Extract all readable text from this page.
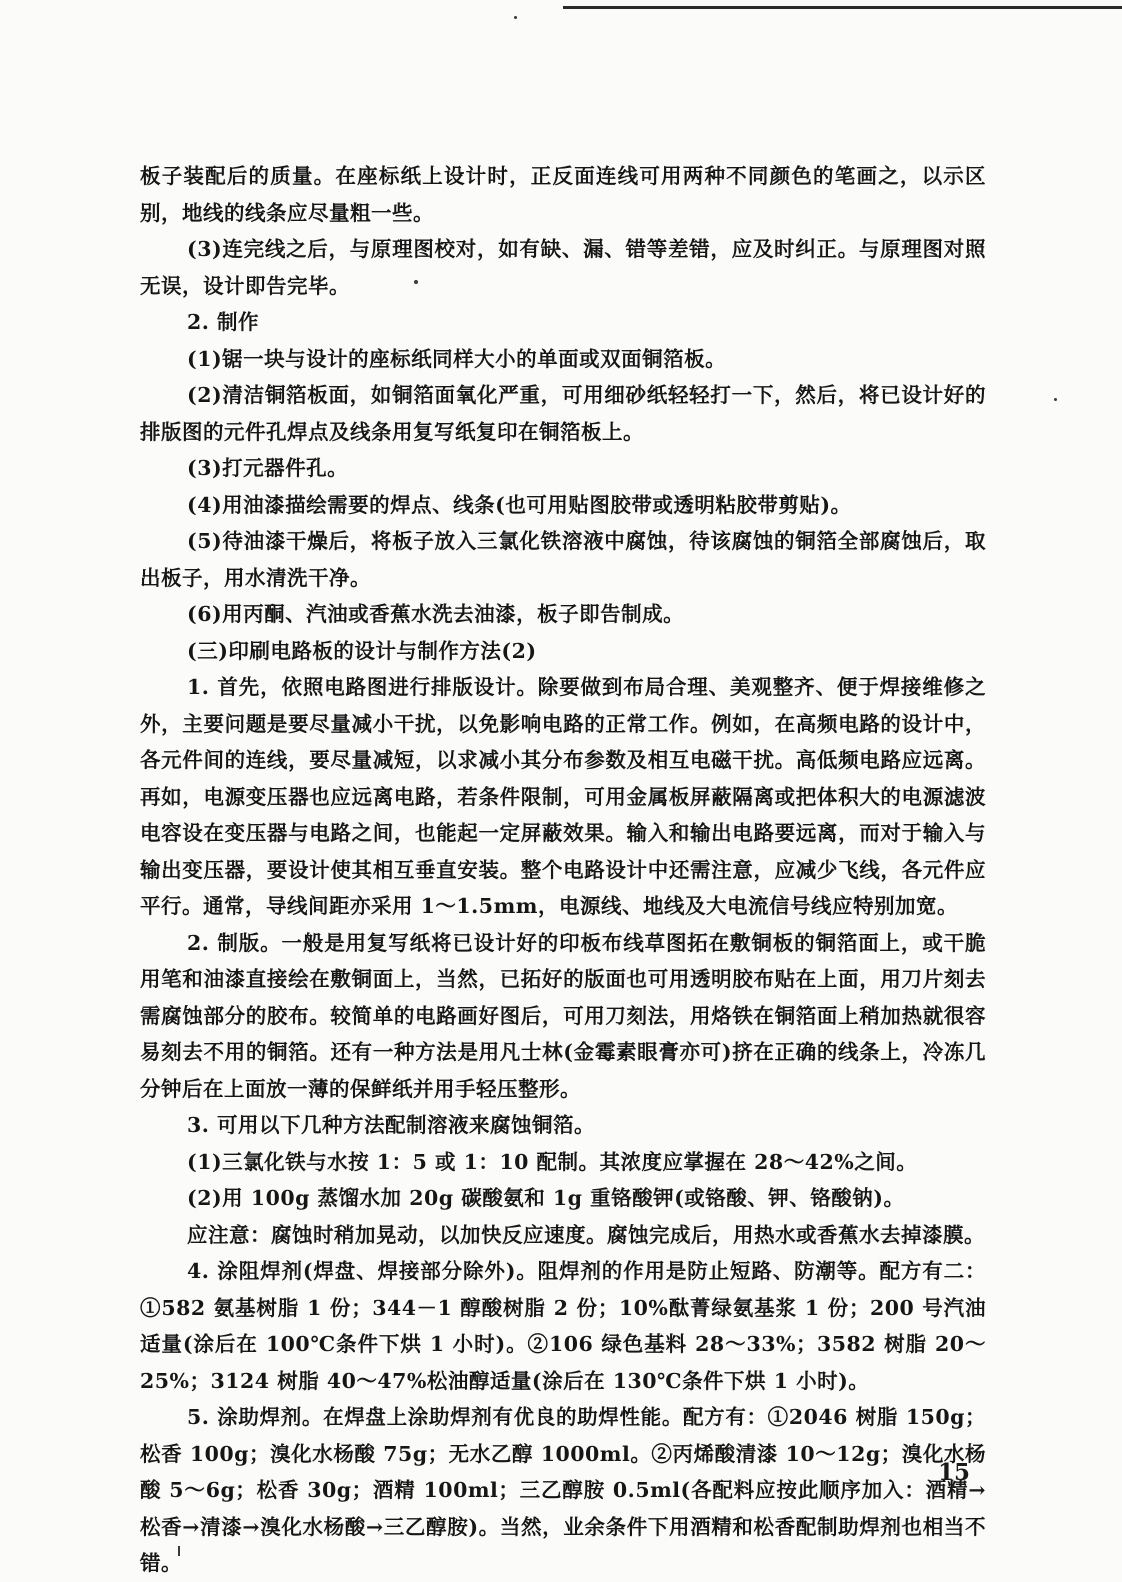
板子装配后的质量。在座标纸上设计时，正反面连线可用两种不同颜色的笔画之，以示区别，地线的线条应尽量粗一些。

(3)连完线之后，与原理图校对，如有缺、漏、错等差错，应及时纠正。与原理图对照无误，设计即告完毕。

2. 制作

(1)锯一块与设计的座标纸同样大小的单面或双面铜箔板。

(2)清洁铜箔板面，如铜箔面氧化严重，可用细砂纸轻轻打一下，然后，将已设计好的排版图的元件孔焊点及线条用复写纸复印在铜箔板上。

(3)打元器件孔。

(4)用油漆描绘需要的焊点、线条(也可用贴图胶带或透明粘胶带剪贴)。

(5)待油漆干燥后，将板子放入三氯化铁溶液中腐蚀，待该腐蚀的铜箔全部腐蚀后，取出板子，用水清洗干净。

(6)用丙酮、汽油或香蕉水洗去油漆，板子即告制成。

(三)印刷电路板的设计与制作方法(2)

1. 首先，依照电路图进行排版设计。除要做到布局合理、美观整齐、便于焊接维修之外，主要问题是要尽量减小干扰，以免影响电路的正常工作。例如，在高频电路的设计中，各元件间的连线，要尽量减短，以求减小其分布参数及相互电磁干扰。高低频电路应远离。再如，电源变压器也应远离电路，若条件限制，可用金属板屏蔽隔离或把体积大的电源滤波电容设在变压器与电路之间，也能起一定屏蔽效果。输入和输出电路要远离，而对于输入与输出变压器，要设计使其相互垂直安装。整个电路设计中还需注意，应减少飞线，各元件应平行。通常，导线间距亦采用 1～1.5mm，电源线、地线及大电流信号线应特别加宽。

2. 制版。一般是用复写纸将已设计好的印板布线草图拓在敷铜板的铜箔面上，或干脆用笔和油漆直接绘在敷铜面上，当然，已拓好的版面也可用透明胶布贴在上面，用刀片刻去需腐蚀部分的胶布。较简单的电路画好图后，可用刀刻法，用烙铁在铜箔面上稍加热就很容易刻去不用的铜箔。还有一种方法是用凡士林(金霉素眼膏亦可)挤在正确的线条上，冷冻几分钟后在上面放一薄的保鲜纸并用手轻压整形。

3. 可用以下几种方法配制溶液来腐蚀铜箔。

(1)三氯化铁与水按 1：5 或 1：10 配制。其浓度应掌握在 28～42%之间。

(2)用 100g 蒸馏水加 20g 碳酸氨和 1g 重铬酸钾(或铬酸、钾、铬酸钠)。

应注意：腐蚀时稍加晃动，以加快反应速度。腐蚀完成后，用热水或香蕉水去掉漆膜。

4. 涂阻焊剂(焊盘、焊接部分除外)。阻焊剂的作用是防止短路、防潮等。配方有二：①582 氨基树脂 1 份；344－1 醇酸树脂 2 份；10%酞菁绿氨基浆 1 份；200 号汽油适量(涂后在 100℃条件下烘 1 小时)。②106 绿色基料 28～33%；3582 树脂 20～25%；3124 树脂 40～47%松油醇适量(涂后在 130℃条件下烘 1 小时)。

5. 涂助焊剂。在焊盘上涂助焊剂有优良的助焊性能。配方有：①2046 树脂 150g；松香 100g；溴化水杨酸 75g；无水乙醇 1000ml。②丙烯酸清漆 10～12g；溴化水杨酸 5～6g；松香 30g；酒精 100ml；三乙醇胺 0.5ml(各配料应按此顺序加入：酒精→松香→清漆→溴化水杨酸→三乙醇胺)。当然，业余条件下用酒精和松香配制助焊剂也相当不错。

15
